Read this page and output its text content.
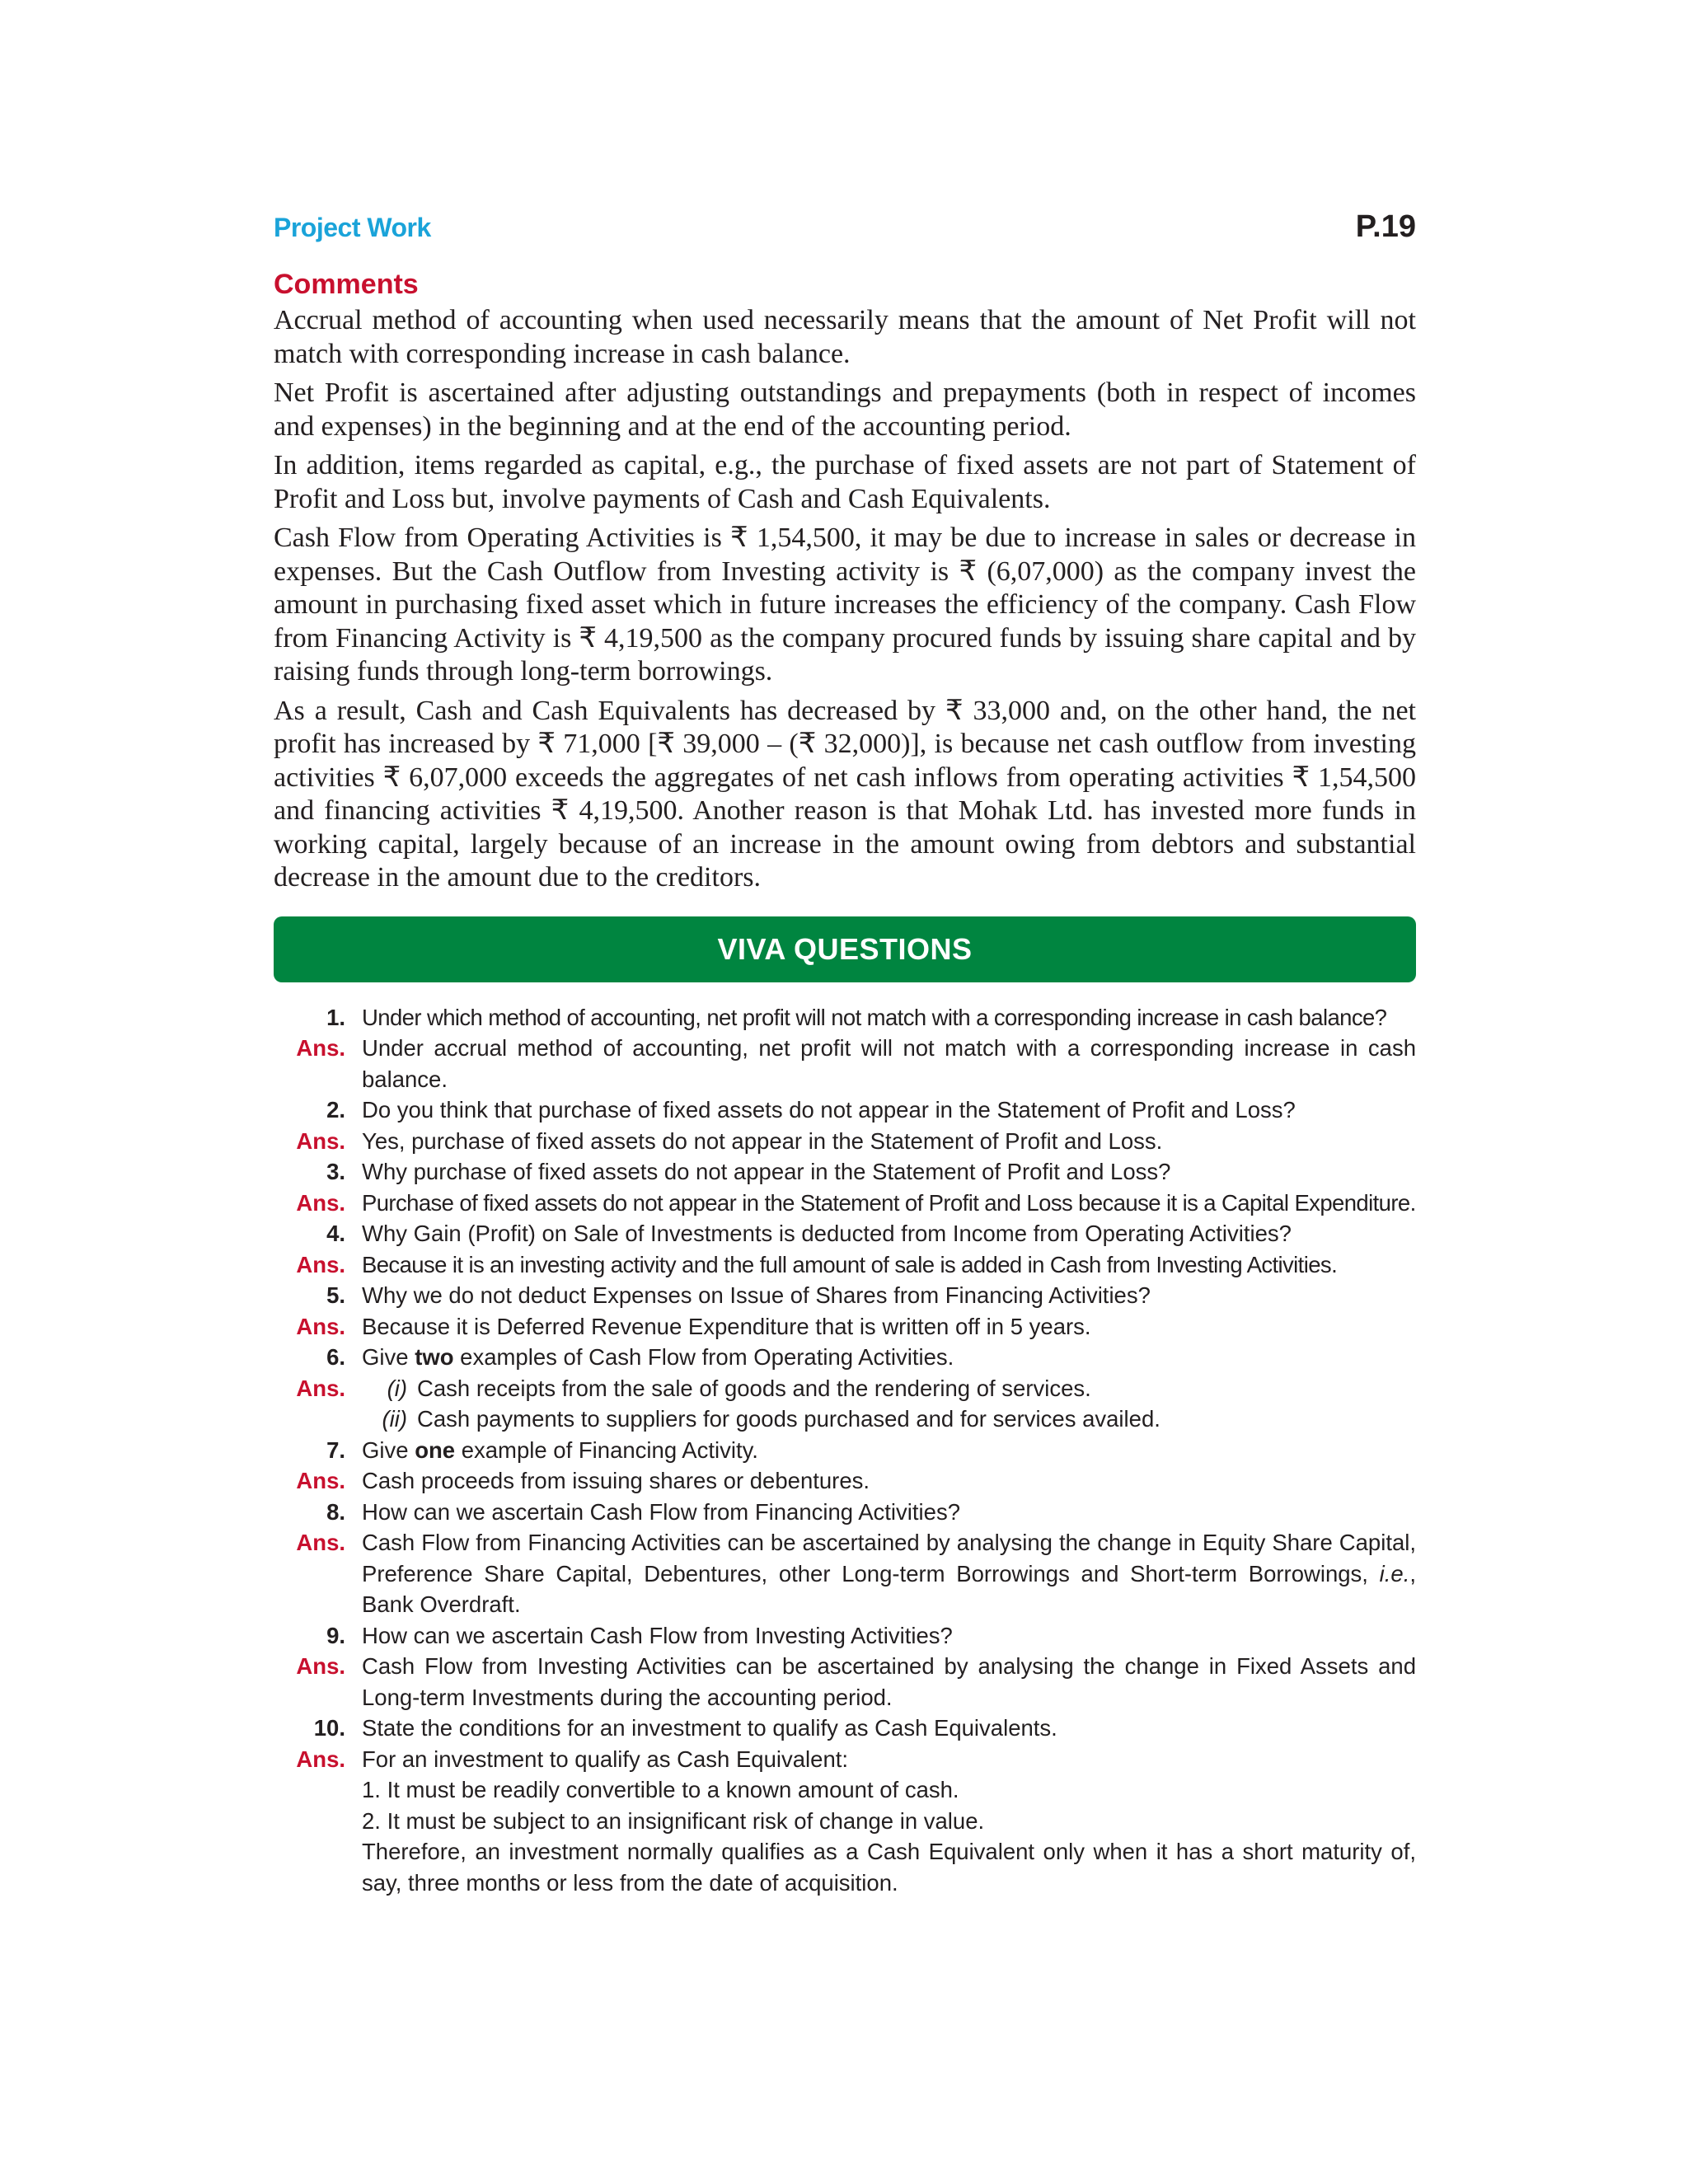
Project Work	P.19
Comments

Accrual method of accounting when used necessarily means that the amount of Net Profit will not match with corresponding increase in cash balance.

Net Profit is ascertained after adjusting outstandings and prepayments (both in respect of incomes and expenses) in the beginning and at the end of the accounting period.

In addition, items regarded as capital, e.g., the purchase of fixed assets are not part of Statement of Profit and Loss but, involve payments of Cash and Cash Equivalents.

Cash Flow from Operating Activities is ₹ 1,54,500, it may be due to increase in sales or decrease in expenses. But the Cash Outflow from Investing activity is ₹ (6,07,000) as the company invest the amount in purchasing fixed asset which in future increases the efficiency of the company. Cash Flow from Financing Activity is ₹ 4,19,500 as the company procured funds by issuing share capital and by raising funds through long-term borrowings.

As a result, Cash and Cash Equivalents has decreased by ₹ 33,000 and, on the other hand, the net profit has increased by ₹ 71,000 [₹ 39,000 – (₹ 32,000)], is because net cash outflow from investing activities ₹ 6,07,000 exceeds the aggregates of net cash inflows from operating activities ₹ 1,54,500 and financing activities ₹ 4,19,500. Another reason is that Mohak Ltd. has invested more funds in working capital, largely because of an increase in the amount owing from debtors and substantial decrease in the amount due to the creditors.

VIVA QUESTIONS
1. Under which method of accounting, net profit will not match with a corresponding increase in cash balance?
Ans. Under accrual method of accounting, net profit will not match with a corresponding increase in cash balance.
2. Do you think that purchase of fixed assets do not appear in the Statement of Profit and Loss?
Ans. Yes, purchase of fixed assets do not appear in the Statement of Profit and Loss.
3. Why purchase of fixed assets do not appear in the Statement of Profit and Loss?
Ans. Purchase of fixed assets do not appear in the Statement of Profit and Loss because it is a Capital Expenditure.
4. Why Gain (Profit) on Sale of Investments is deducted from Income from Operating Activities?
Ans. Because it is an investing activity and the full amount of sale is added in Cash from Investing Activities.
5. Why we do not deduct Expenses on Issue of Shares from Financing Activities?
Ans. Because it is Deferred Revenue Expenditure that is written off in 5 years.
6. Give two examples of Cash Flow from Operating Activities.
Ans.	(i) Cash receipts from the sale of goods and the rendering of services.
(ii) Cash payments to suppliers for goods purchased and for services availed.
7. Give one example of Financing Activity.
Ans. Cash proceeds from issuing shares or debentures.
8. How can we ascertain Cash Flow from Financing Activities?
Ans. Cash Flow from Financing Activities can be ascertained by analysing the change in Equity Share Capital, Preference Share Capital, Debentures, other Long-term Borrowings and Short-term Borrowings, i.e., Bank Overdraft.
9. How can we ascertain Cash Flow from Investing Activities?
Ans. Cash Flow from Investing Activities can be ascertained by analysing the change in Fixed Assets and Long-term Investments during the accounting period.
10. State the conditions for an investment to qualify as Cash Equivalents.
Ans. For an investment to qualify as Cash Equivalent:
1. It must be readily convertible to a known amount of cash.
2. It must be subject to an insignificant risk of change in value.
Therefore, an investment normally qualifies as a Cash Equivalent only when it has a short maturity of, say, three months or less from the date of acquisition.
